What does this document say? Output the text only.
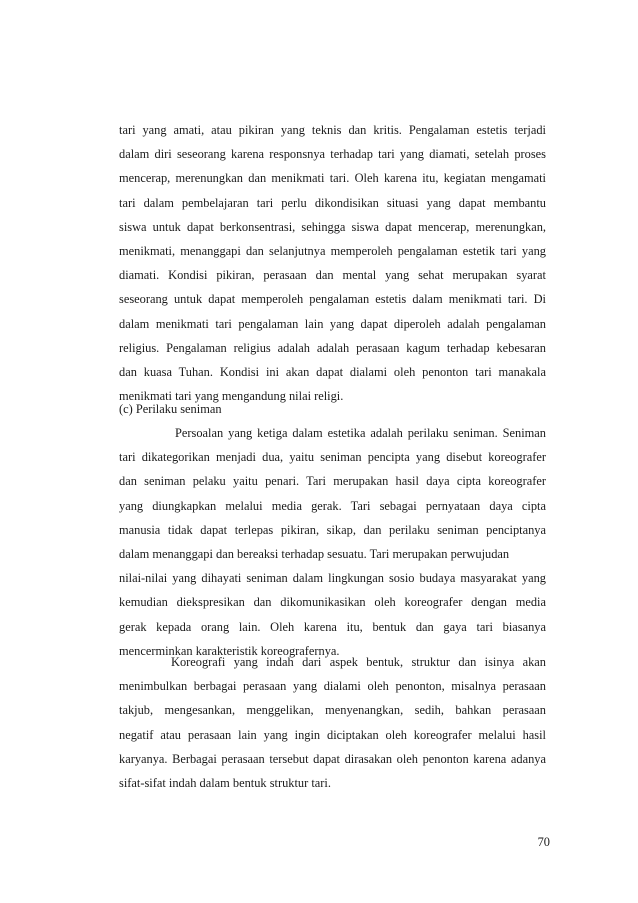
tari yang amati, atau pikiran yang teknis dan kritis. Pengalaman estetis terjadi
dalam diri seseorang karena responsnya terhadap tari yang diamati, setelah proses
mencerap, merenungkan dan menikmati tari. Oleh karena itu, kegiatan mengamati
tari dalam pembelajaran tari perlu dikondisikan situasi yang dapat membantu
siswa untuk dapat berkonsentrasi, sehingga siswa dapat mencerap, merenungkan,
menikmati, menanggapi dan selanjutnya memperoleh pengalaman estetik tari yang
diamati. Kondisi pikiran, perasaan dan mental yang sehat merupakan syarat
seseorang untuk dapat memperoleh pengalaman estetis dalam menikmati tari. Di
dalam menikmati tari pengalaman lain yang dapat diperoleh adalah pengalaman
religius. Pengalaman religius adalah adalah perasaan kagum terhadap kebesaran
dan kuasa Tuhan. Kondisi ini akan dapat dialami oleh penonton tari manakala
menikmati tari yang mengandung nilai religi.
(c) Perilaku seniman
Persoalan yang ketiga dalam estetika adalah perilaku seniman. Seniman
tari dikategorikan menjadi dua, yaitu seniman pencipta yang disebut koreografer
dan seniman pelaku yaitu penari. Tari merupakan hasil daya cipta koreografer
yang diungkapkan melalui media gerak. Tari sebagai pernyataan daya cipta
manusia tidak dapat terlepas pikiran, sikap, dan perilaku seniman penciptanya
dalam menanggapi dan bereaksi terhadap sesuatu. Tari merupakan perwujudan
nilai-nilai yang dihayati seniman dalam lingkungan sosio budaya masyarakat yang
kemudian diekspresikan dan dikomunikasikan oleh koreografer dengan media
gerak kepada orang lain. Oleh karena itu, bentuk dan gaya tari biasanya
mencerminkan karakteristik koreografernya.
Koreografi yang indah dari aspek bentuk, struktur dan isinya akan
menimbulkan berbagai perasaan yang dialami oleh penonton, misalnya perasaan
takjub, mengesankan, menggelikan, menyenangkan, sedih, bahkan perasaan
negatif atau perasaan lain yang ingin diciptakan oleh koreografer melalui hasil
karyanya. Berbagai perasaan tersebut dapat dirasakan oleh penonton karena adanya
sifat-sifat indah dalam bentuk struktur tari.
70
